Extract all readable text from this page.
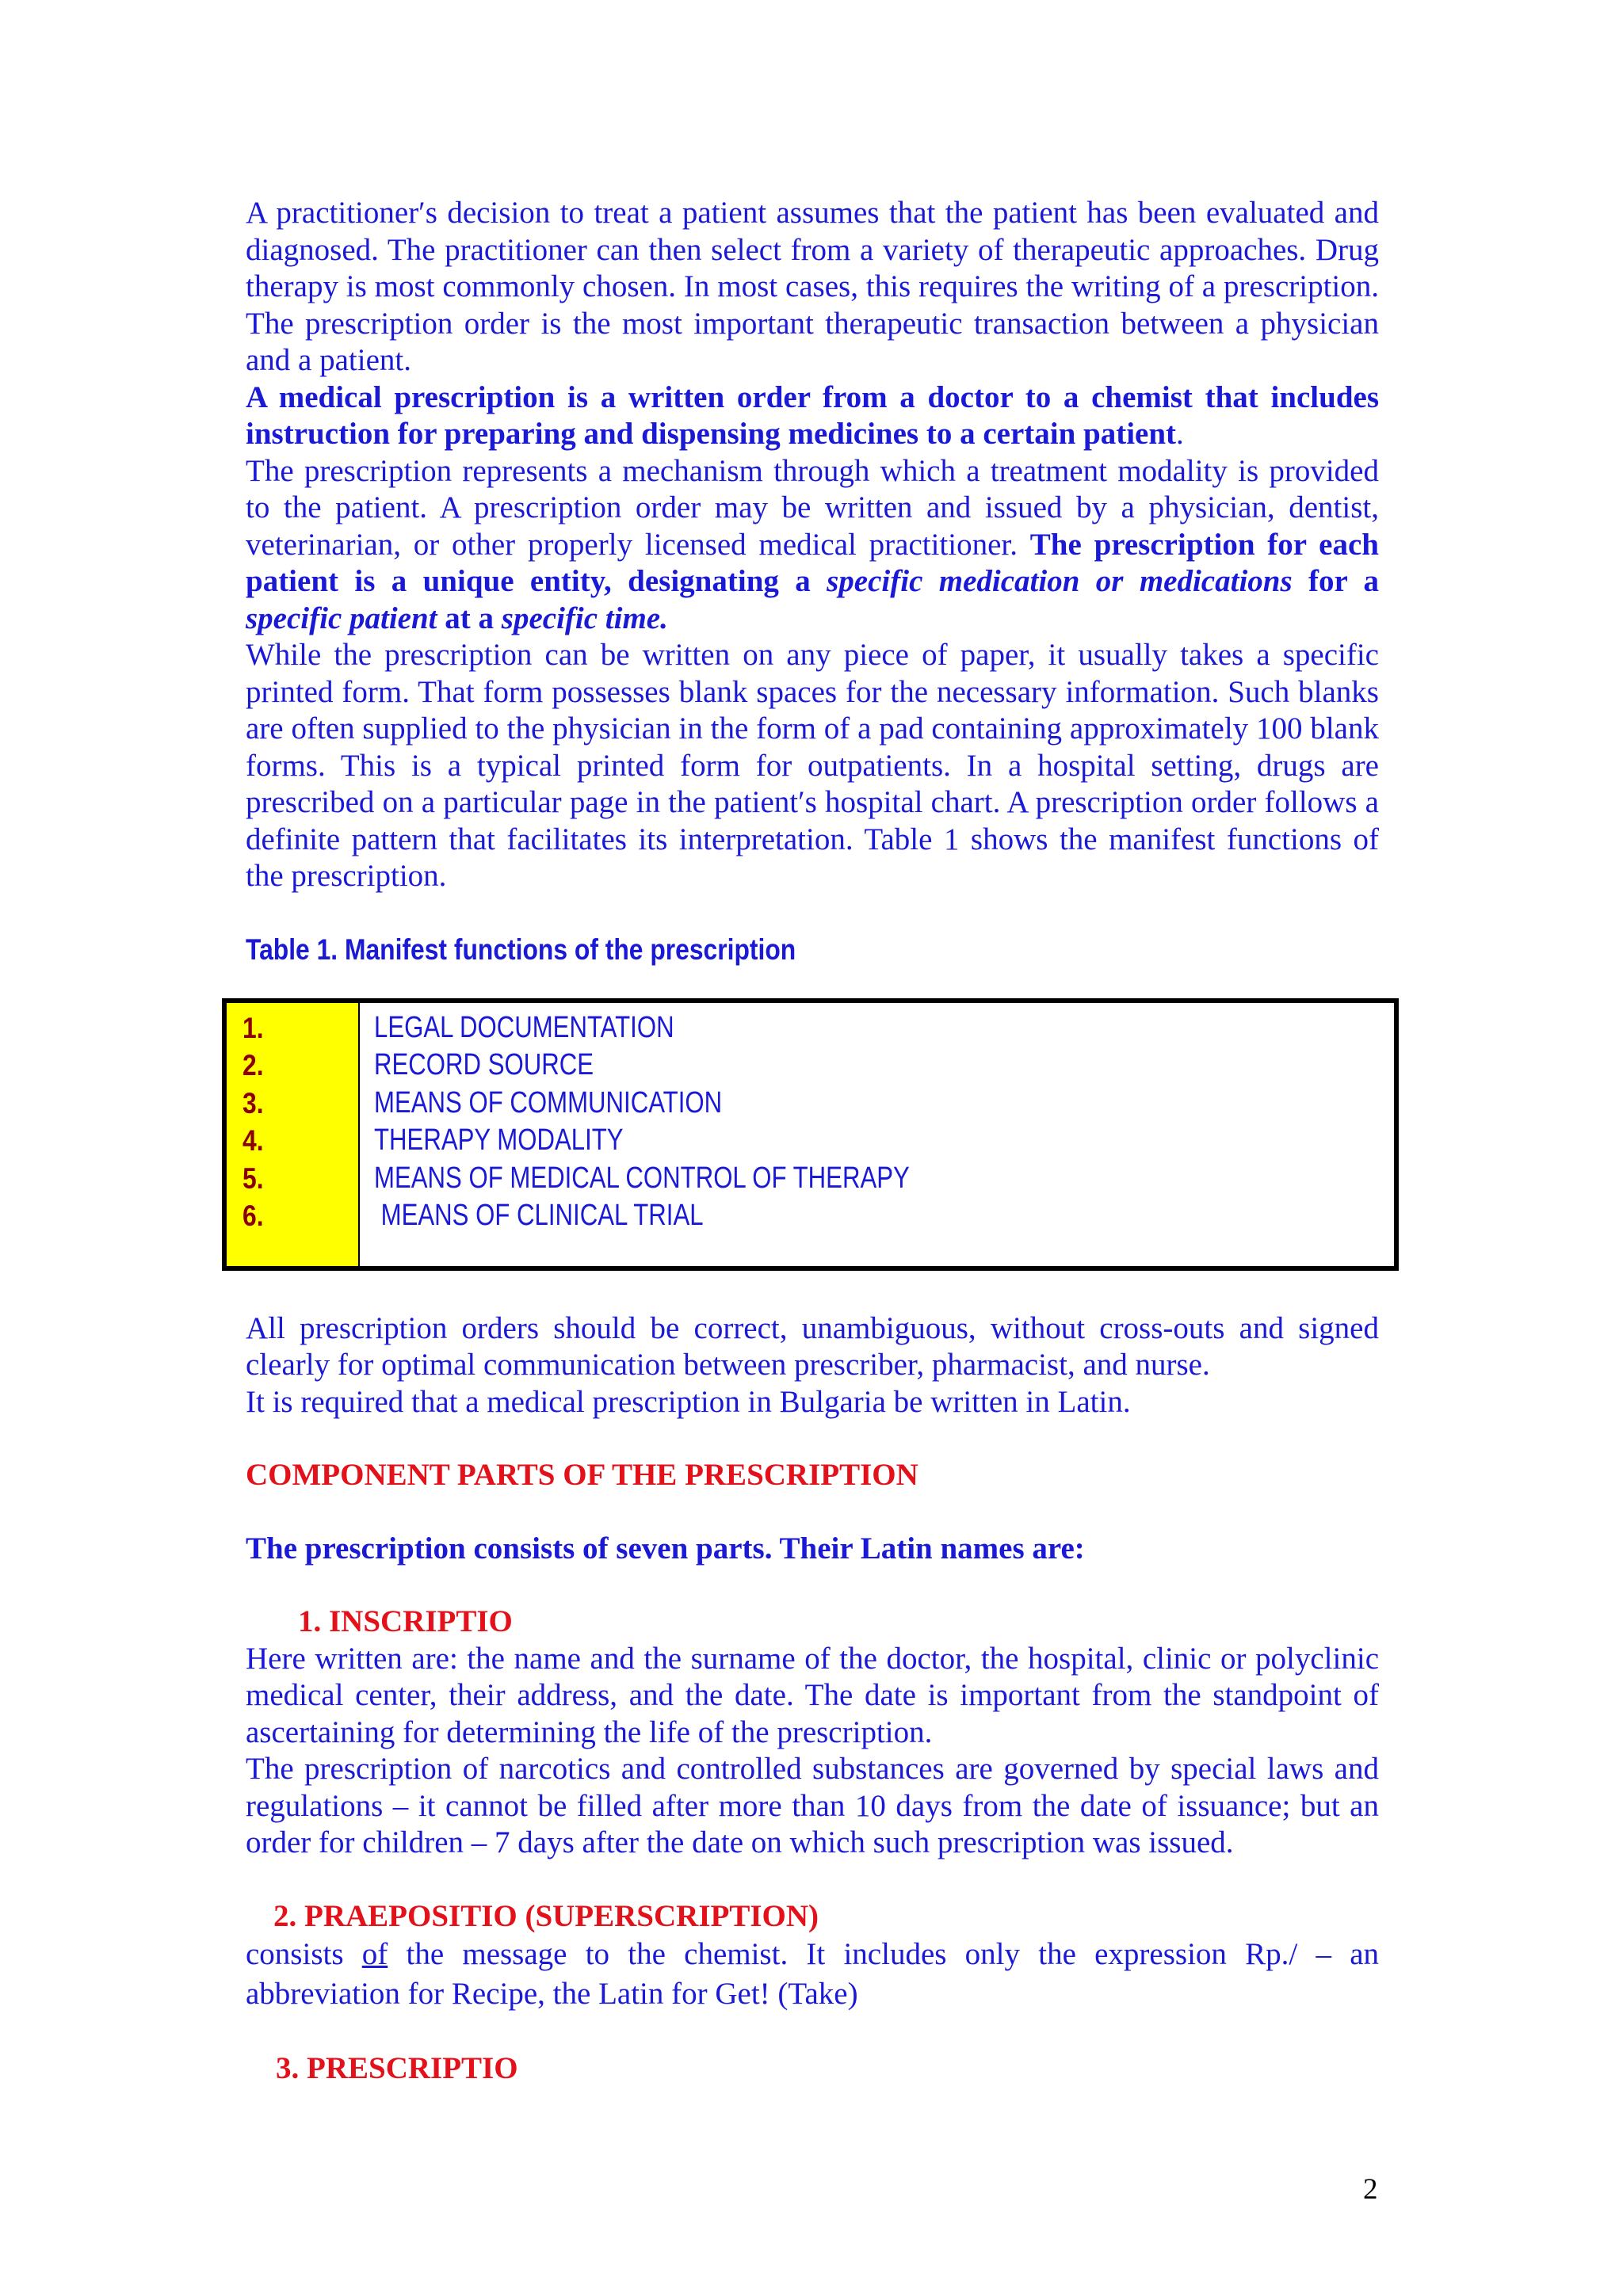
A practitioner′s decision to treat a patient assumes that the patient has been evaluated and diagnosed. The practitioner can then select from a variety of therapeutic approaches. Drug therapy is most commonly chosen. In most cases, this requires the writing of a prescription. The prescription order is the most important therapeutic transaction between a physician and a patient.

A medical prescription is a written order from a doctor to a chemist that includes instruction for preparing and dispensing medicines to a certain patient.

The prescription represents a mechanism through which a treatment modality is provided to the patient. A prescription order may be written and issued by a physician, dentist, veterinarian, or other properly licensed medical practitioner. The prescription for each patient is a unique entity, designating a specific medication or medications for a specific patient at a specific time.

While the prescription can be written on any piece of paper, it usually takes a specific printed form. That form possesses blank spaces for the necessary information. Such blanks are often supplied to the physician in the form of a pad containing approximately 100 blank forms. This is a typical printed form for outpatients. In a hospital setting, drugs are prescribed on a particular page in the patient′s hospital chart. A prescription order follows a definite pattern that facilitates its interpretation. Table 1 shows the manifest functions of the prescription.

Table 1. Manifest functions of the prescription
1.
2.
3.
4.
5.
6.
LEGAL DOCUMENTATION
RECORD SOURCE
MEANS OF COMMUNICATION
THERAPY MODALITY
MEANS OF MEDICAL CONTROL OF THERAPY
MEANS OF CLINICAL TRIAL

All prescription orders should be correct, unambiguous, without cross-outs and signed clearly for optimal communication between prescriber, pharmacist, and nurse.

It is required that a medical prescription in Bulgaria be written in Latin.

COMPONENT PARTS OF THE PRESCRIPTION

The prescription consists of seven parts. Their Latin names are:

1. INSCRIPTIO

Here written are: the name and the surname of the doctor, the hospital, clinic or polyclinic medical center, their address, and the date. The date is important from the standpoint of ascertaining for determining the life of the prescription.

The prescription of narcotics and controlled substances are governed by special laws and regulations – it cannot be filled after more than 10 days from the date of issuance; but an order for children – 7 days after the date on which such prescription was issued.

2. PRAEPOSITIO (SUPERSCRIPTION)

consists of the message to the chemist. It includes only the expression Rp./ – an abbreviation for Recipe, the Latin for Get! (Take)

3. PRESCRIPTIO

2
